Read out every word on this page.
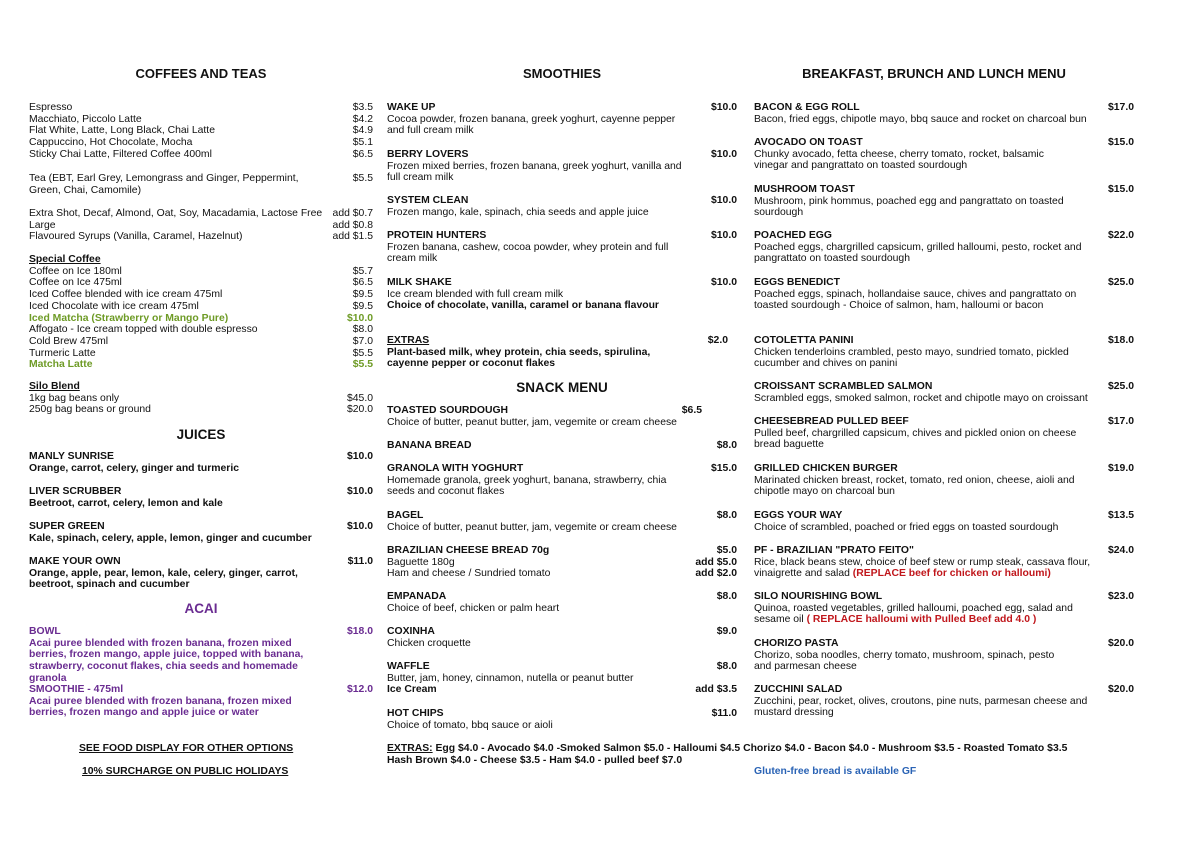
COFFEES AND TEAS
Espresso	$3.5
Macchiato, Piccolo Latte	$4.2
Flat White, Latte, Long Black, Chai Latte	$4.9
Cappuccino, Hot Chocolate, Mocha	$5.1
Sticky Chai Latte, Filtered Coffee 400ml	$6.5
Tea (EBT, Earl Grey, Lemongrass and Ginger, Peppermint,	$5.5
Green, Chai, Camomile)
Extra Shot, Decaf, Almond, Oat, Soy, Macadamia, Lactose Free add $0.7
Large	add $0.8
Flavoured Syrups (Vanilla, Caramel, Hazelnut)	add $1.5
Special Coffee
Coffee on Ice 180ml	$5.7
Coffee on Ice 475ml	$6.5
Iced Coffee blended with ice cream 475ml	$9.5
Iced Chocolate with ice cream 475ml	$9.5
Iced Matcha (Strawberry or Mango Pure)	$10.0
Affogato - Ice cream topped with double espresso	$8.0
Cold Brew 475ml	$7.0
Turmeric Latte	$5.5
Matcha Latte	$5.5
Silo Blend
1kg bag beans only	$45.0
250g bag beans or ground	$20.0
JUICES
MANLY SUNRISE	$10.0
Orange, carrot, celery, ginger and turmeric
LIVER SCRUBBER	$10.0
Beetroot, carrot, celery, lemon and kale
SUPER GREEN	$10.0
Kale, spinach, celery, apple, lemon, ginger and cucumber
MAKE YOUR OWN
Orange, apple, pear, lemon, kale, celery, ginger, carrot, beetroot, spinach and cucumber
$11.0
ACAI
BOWL
Acai puree blended with frozen banana, frozen mixed berries, frozen mango, apple juice, topped with banana, strawberry, coconut flakes, chia seeds and homemade granola
$18.0
SMOOTHIE - 475ml
Acai puree blended with frozen banana, frozen mixed berries, frozen mango and apple juice or water
$12.0
SEE FOOD DISPLAY FOR OTHER OPTIONS
10% SURCHARGE ON PUBLIC HOLIDAYS
SMOOTHIES
WAKE UP
Cocoa powder, frozen banana, greek yoghurt, cayenne pepper and full cream milk
$10.0
BERRY LOVERS
Frozen mixed berries, frozen banana, greek yoghurt, vanilla and full cream milk
$10.0
SYSTEM CLEAN	$10.0
Frozen mango, kale, spinach, chia seeds and apple juice
PROTEIN HUNTERS
Frozen banana, cashew, cocoa powder, whey protein and full cream milk
$10.0
MILK SHAKE	$10.0
Ice cream blended with full cream milk
Choice of chocolate, vanilla, caramel or banana flavour
EXTRAS
Plant-based milk, whey protein, chia seeds, spirulina, cayenne pepper or coconut flakes
$2.0
SNACK MENU
TOASTED SOURDOUGH	$6.5
Choice of butter, peanut butter, jam, vegemite or cream cheese
BANANA BREAD	$8.0
GRANOLA WITH YOGHURT
Homemade granola, greek yoghurt, banana, strawberry, chia seeds and coconut flakes
$15.0
BAGEL	$8.0
Choice of butter, peanut butter, jam, vegemite or cream cheese
BRAZILIAN CHEESE BREAD 70g	$5.0
Baguette 180g	add $5.0
Ham and cheese / Sundried tomato	add $2.0
EMPANADA	$8.0
Choice of beef, chicken or palm heart
COXINHA	$9.0
Chicken croquette
WAFFLE	$8.0
Butter, jam, honey, cinnamon, nutella or peanut butter
Ice Cream	add $3.5
HOT CHIPS	$11.0
Choice of tomato, bbq sauce or aioli
EXTRAS: Egg $4.0 - Avocado $4.0 -Smoked Salmon $5.0 - Halloumi $4.5 Chorizo $4.0 - Bacon $4.0 - Mushroom $3.5 - Roasted Tomato $3.5
Hash Brown $4.0 - Cheese $3.5 - Ham $4.0 - pulled beef $7.0
BREAKFAST, BRUNCH AND LUNCH MENU
BACON & EGG ROLL	$17.0
Bacon, fried eggs, chipotle mayo, bbq sauce and rocket on charcoal bun
AVOCADO ON TOAST	$15.0
Chunky avocado, fetta cheese, cherry tomato, rocket, balsamic vinegar and pangrattato on toasted sourdough
MUSHROOM TOAST	$15.0
Mushroom, pink hommus, poached egg and pangrattato on toasted sourdough
POACHED EGG	$22.0
Poached eggs, chargrilled capsicum, grilled halloumi, pesto, rocket and pangrattato on toasted sourdough
EGGS BENEDICT	$25.0
Poached eggs, spinach, hollandaise sauce, chives and pangrattato on toasted sourdough - Choice of salmon, ham, halloumi or bacon
COTOLETTA PANINI	$18.0
Chicken tenderloins crambled, pesto mayo, sundried tomato, pickled cucumber and chives on panini
CROISSANT SCRAMBLED SALMON	$25.0
Scrambled eggs, smoked salmon, rocket and chipotle mayo on croissant
CHEESEBREAD PULLED BEEF	$17.0
Pulled beef, chargrilled capsicum, chives and pickled onion on cheese bread baguette
GRILLED CHICKEN BURGER	$19.0
Marinated chicken breast, rocket, tomato, red onion, cheese, aioli and chipotle mayo on charcoal bun
EGGS YOUR WAY	$13.5
Choice of scrambled, poached or fried eggs on toasted sourdough
PF - BRAZILIAN "PRATO FEITO"	$24.0
Rice, black beans stew, choice of beef stew or rump steak, cassava flour, vinaigrette and salad (REPLACE beef for chicken or halloumi)
SILO NOURISHING BOWL	$23.0
Quinoa, roasted vegetables, grilled halloumi, poached egg, salad and sesame oil ( REPLACE halloumi with Pulled Beef add 4.0 )
CHORIZO PASTA	$20.0
Chorizo, soba noodles, cherry tomato, mushroom, spinach, pesto and parmesan cheese
ZUCCHINI SALAD	$20.0
Zucchini, pear, rocket, olives, croutons, pine nuts, parmesan cheese and mustard dressing
Gluten-free bread is available GF
